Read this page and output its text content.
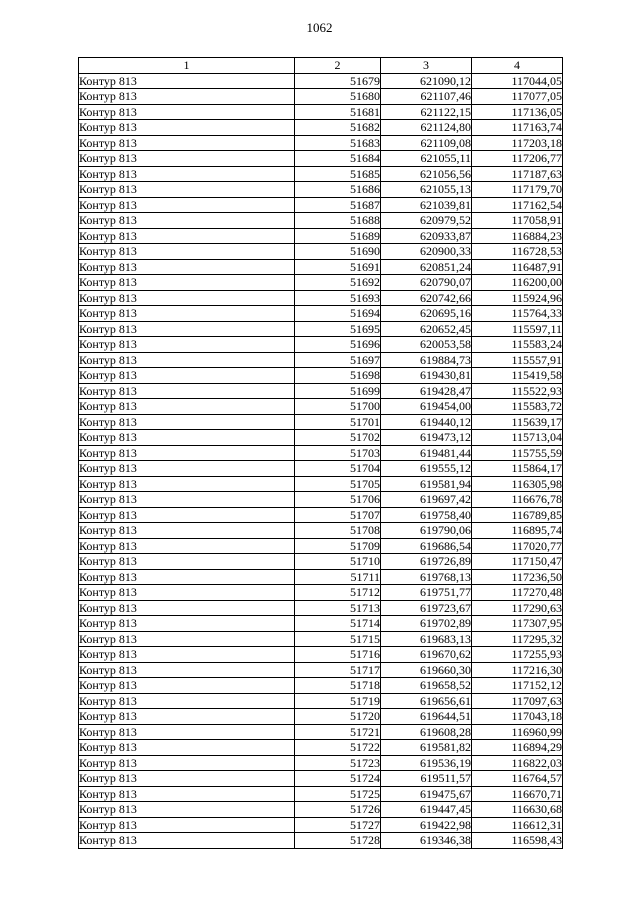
1062
1	2	3	4
Контур 813	51679	621090,12	117044,05
Контур 813	51680	621107,46	117077,05
Контур 813	51681	621122,15	117136,05
Контур 813	51682	621124,80	117163,74
Контур 813	51683	621109,08	117203,18
Контур 813	51684	621055,11	117206,77
Контур 813	51685	621056,56	117187,63
Контур 813	51686	621055,13	117179,70
Контур 813	51687	621039,81	117162,54
Контур 813	51688	620979,52	117058,91
Контур 813	51689	620933,87	116884,23
Контур 813	51690	620900,33	116728,53
Контур 813	51691	620851,24	116487,91
Контур 813	51692	620790,07	116200,00
Контур 813	51693	620742,66	115924,96
Контур 813	51694	620695,16	115764,33
Контур 813	51695	620652,45	115597,11
Контур 813	51696	620053,58	115583,24
Контур 813	51697	619884,73	115557,91
Контур 813	51698	619430,81	115419,58
Контур 813	51699	619428,47	115522,93
Контур 813	51700	619454,00	115583,72
Контур 813	51701	619440,12	115639,17
Контур 813	51702	619473,12	115713,04
Контур 813	51703	619481,44	115755,59
Контур 813	51704	619555,12	115864,17
Контур 813	51705	619581,94	116305,98
Контур 813	51706	619697,42	116676,78
Контур 813	51707	619758,40	116789,85
Контур 813	51708	619790,06	116895,74
Контур 813	51709	619686,54	117020,77
Контур 813	51710	619726,89	117150,47
Контур 813	51711	619768,13	117236,50
Контур 813	51712	619751,77	117270,48
Контур 813	51713	619723,67	117290,63
Контур 813	51714	619702,89	117307,95
Контур 813	51715	619683,13	117295,32
Контур 813	51716	619670,62	117255,93
Контур 813	51717	619660,30	117216,30
Контур 813	51718	619658,52	117152,12
Контур 813	51719	619656,61	117097,63
Контур 813	51720	619644,51	117043,18
Контур 813	51721	619608,28	116960,99
Контур 813	51722	619581,82	116894,29
Контур 813	51723	619536,19	116822,03
Контур 813	51724	619511,57	116764,57
Контур 813	51725	619475,67	116670,71
Контур 813	51726	619447,45	116630,68
Контур 813	51727	619422,98	116612,31
Контур 813	51728	619346,38	116598,43
